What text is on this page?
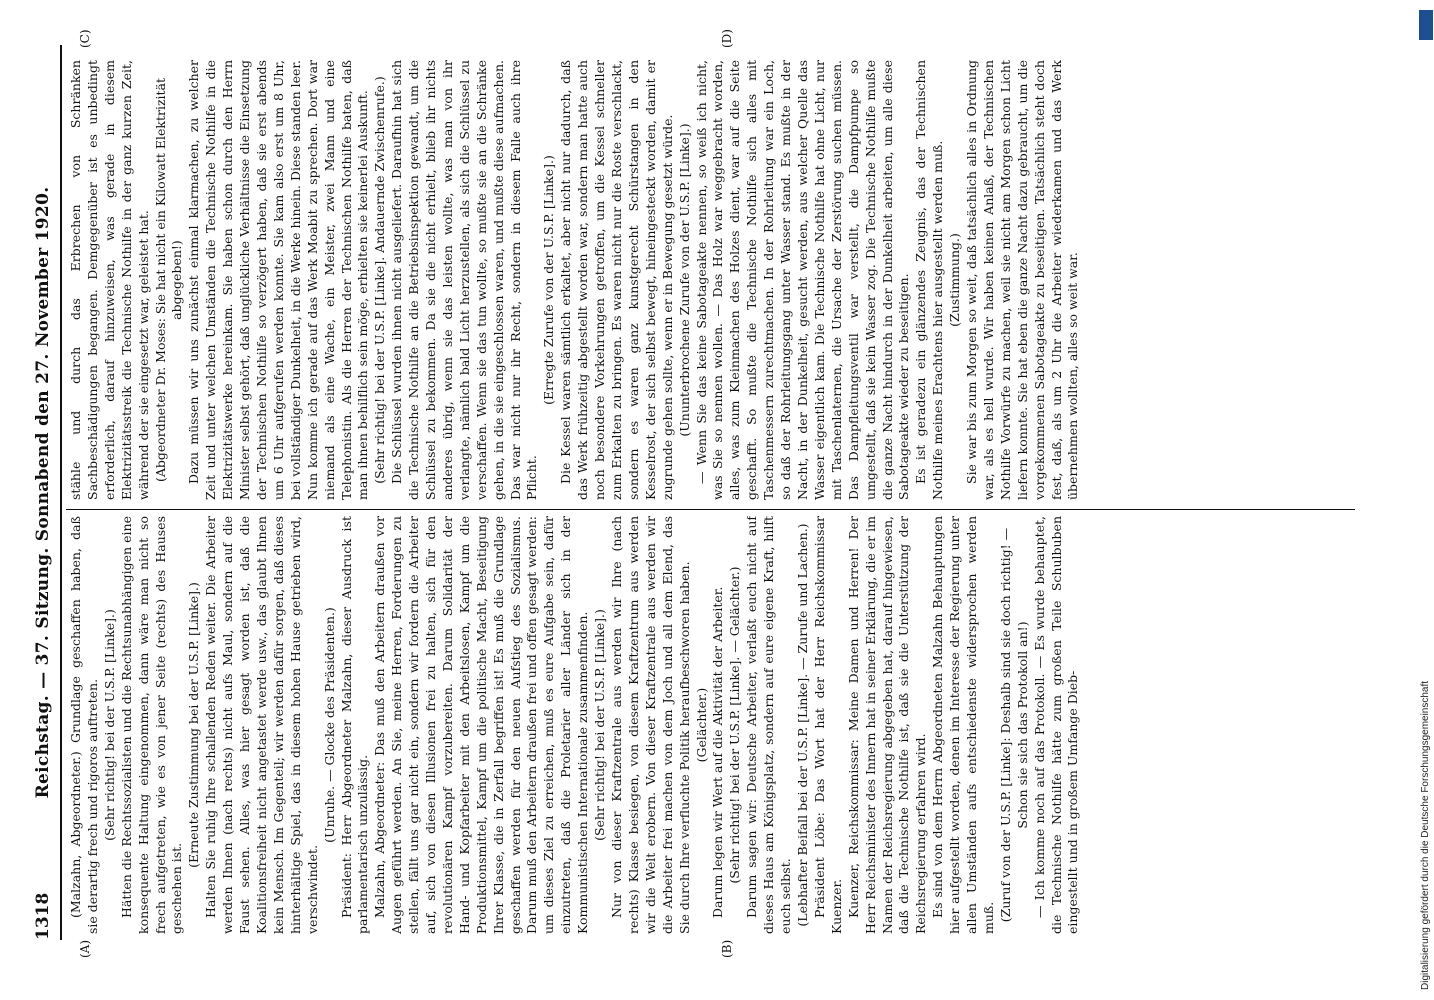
1318
Reichstag. — 37. Sitzung. Sonnabend den 27. November 1920.
(A)	(B)
(C)	(D)

(Malzahn, Abgeordneter.) Grundlage geschaffen haben, daß sie derartig frech und rigoros auftreten. (Sehr richtig! bei der U.S.P. [Linke].) Hätten die Rechtssozialisten und die Rechtsunabhängigen eine konsequente Haltung eingenommen, dann wäre man nicht so frech aufgetreten, wie es von jener Seite (rechts) des Hauses geschehen ist.

(Erneute Zustimmung bei der U.S.P. [Linke].) Halten Sie ruhig Ihre schallenden Reden weiter. Die Arbeiter werden Ihnen (nach rechts) nicht aufs Maul, sondern auf die Faust sehen. Alles, was hier gesagt worden ist, daß die Koalitionsfreiheit nicht angetastet werde usw., das glaubt Ihnen kein Mensch. Im Gegenteil; wir werden dafür sorgen, daß dieses hinterhältige Spiel, das in diesem hohen Hause getrieben wird, verschwindet.

(Unruhe. — Glocke des Präsidenten.) Präsident: Herr Abgeordneter Malzahn, dieser Ausdruck ist parlamentarisch unzulässig. Malzahn, Abgeordneter: Das muß den Arbeitern draußen vor Augen geführt werden. An Sie, meine Herren, Forderungen zu stellen, fällt uns gar nicht ein, sondern wir fordern die Arbeiter auf, sich von diesen Illusionen frei zu halten, sich für den revolutionären Kampf vorzubereiten. Darum Solidarität der Hand- und Kopfarbeiter mit den Arbeitslosen, Kampf um die Produktionsmittel, Kampf um die politische Macht, Beseitigung Ihrer Klasse, die in Zerfall begriffen ist! Es muß die Grundlage geschaffen werden für den neuen Aufstieg des Sozialismus. Darum muß den Arbeitern draußen frei und offen gesagt werden: um dieses Ziel zu erreichen, muß es eure Aufgabe sein, dafür einzutreten, daß die Proletarier aller Länder sich in der Kommunistischen Internationale zusammenfinden. (Sehr richtig! bei der U.S.P. [Linke].) Nur von dieser Kraftzentrale aus werden wir Ihre (nach rechts) Klasse besiegen, von diesem Kraftzentrum aus werden wir die Welt erobern. Von dieser Kraftzentrale aus werden wir die Arbeiter frei machen von dem Joch und all dem Elend, das Sie durch Ihre verfluchte Politik heraufbeschworen haben. (Gelächter.) Darum legen wir Wert auf die Aktivität der Arbeiter. (Sehr richtig! bei der U.S.P. [Linke]. — Gelächter.) Darum sagen wir: Deutsche Arbeiter, verlaßt euch nicht auf dieses Haus am Königsplatz, sondern auf eure eigene Kraft, hilft euch selbst. (Lebhafter Beifall bei der U.S.P. [Linke]. — Zurufe und Lachen.) Präsident Löbe: Das Wort hat der Herr Reichskommissar Kuenzer. Kuenzer, Reichskommissar: Meine Damen und Herren! Der Herr Reichsminister des Innern hat in seiner Erklärung, die er im Namen der Reichsregierung abgegeben hat, darauf hingewiesen, daß die Technische Nothilfe ist, daß sie die Unterstützung der Reichsregierung erfahren wird. Es sind von dem Herrn Abgeordneten Malzahn Behauptungen hier aufgestellt worden, denen im Interesse der Regierung unter allen Umständen aufs entschiedenste widersprochen werden muß. (Zuruf von der U.S.P. [Linke]: Deshalb sind sie doch richtig! — Schon sie sich das Protokoll an!) — Ich komme noch auf das Protokoll. — Es wurde behauptet, die Technische Nothilfe hätte zum großen Teile Schulbuben eingestellt und in großem Umfange Dieb-

stähle und durch das Erbrechen von Schränken Sachbeschädigungen begangen. Demgegenüber ist es unbedingt erforderlich, darauf hinzuweisen, was gerade in diesem Elektrizitätsstreik die Technische Nothilfe in der ganz kurzen Zeit, während der sie eingesetzt war, geleistet hat. (Abgeordneter Dr. Moses: Sie hat nicht ein Kilowatt Elektrizität abgegeben!) Dazu müssen wir uns zunächst einmal klarmachen, zu welcher Zeit und unter welchen Umständen die Technische Nothilfe in die Elektrizitätswerke hereinkam. Sie haben schon durch den Herrn Minister selbst gehört, daß unglückliche Verhältnisse die Einsetzung der Technischen Nothilfe so verzögert haben, daß sie erst abends um 6 Uhr aufgerufen werden konnte. Sie kam also erst um 8 Uhr, bei vollständiger Dunkelheit, in die Werke hinein. Diese standen leer. Nun komme ich gerade auf das Werk Moabit zu sprechen. Dort war niemand als eine Wache, ein Meister, zwei Mann und eine Telephonistin. Als die Herren der Technischen Nothilfe baten, daß man ihnen behilflich sein möge, erhielten sie keinerlei Auskunft. (Sehr richtig! bei der U.S.P. [Linke]. Andauernde Zwischenrufe.) Die Schlüssel wurden ihnen nicht ausgeliefert. Daraufhin hat sich die Technische Nothilfe an die Betriebsinspektion gewandt, um die Schlüssel zu bekommen. Da sie die nicht erhielt, blieb ihr nichts anderes übrig, wenn sie das leisten wollte, was man von ihr verlangte, nämlich bald Licht herzustellen, als sich die Schlüssel zu verschaffen. Wenn sie das tun wollte, so mußte sie an die Schränke gehen, in die sie eingeschlossen waren, und mußte diese aufmachen. Das war nicht nur ihr Recht, sondern in diesem Falle auch ihre Pflicht.

(Erregte Zurufe von der U.S.P. [Linke].) Die Kessel waren sämtlich erkaltet, aber nicht nur dadurch, daß das Werk frühzeitig abgestellt worden war, sondern man hatte auch noch besondere Vorkehrungen getroffen, um die Kessel schneller zum Erkalten zu bringen. Es waren nicht nur die Roste verschlackt, sondern es waren ganz kunstgerecht Schürstangen in den Kesselrost, der sich selbst bewegt, hineingesteckt worden, damit er zugrunde gehen sollte, wenn er in Bewegung gesetzt würde. (Ununterbrochene Zurufe von der U.S.P. [Linke].) — Wenn Sie das keine Sabotageakte nennen, so weiß ich nicht, was Sie so nennen wollen. — Das Holz war weggebracht worden, alles, was zum Kleinmachen des Holzes dient, war auf die Seite geschafft. So mußte die Technische Nothilfe sich alles mit Taschenmessern zurechtmachen. In der Rohrleitung war ein Loch, so daß der Rohrleitungsgang unter Wasser stand. Es mußte in der Nacht, in der Dunkelheit, gesucht werden, aus welcher Quelle das Wasser eigentlich kam. Die Technische Nothilfe hat ohne Licht, nur mit Taschenlaternen, die Ursache der Zerstörung suchen müssen. Das Dampfleitungsventil war verstellt, die Dampfpumpe so umgestellt, daß sie kein Wasser zog. Die Technische Nothilfe mußte die ganze Nacht hindurch in der Dunkelheit arbeiten, um alle diese Sabotageakte wieder zu beseitigen. Es ist geradezu ein glänzendes Zeugnis, das der Technischen Nothilfe meines Erachtens hier ausgestellt werden muß. (Zustimmung.) Sie war bis zum Morgen so weit, daß tatsächlich alles in Ordnung war, als es hell wurde. Wir haben keinen Anlaß, der Technischen Nothilfe Vorwürfe zu machen, weil sie nicht am Morgen schon Licht liefern konnte. Sie hat eben die ganze Nacht dazu gebraucht, um die vorgekommenen Sabotageakte zu beseitigen. Tatsächlich steht doch fest, daß, als um 2 Uhr die Arbeiter wiederkamen und das Werk übernehmen wollten, alles so weit war.

Digitalisierung gefördert durch die Deutsche Forschungsgemeinschaft
